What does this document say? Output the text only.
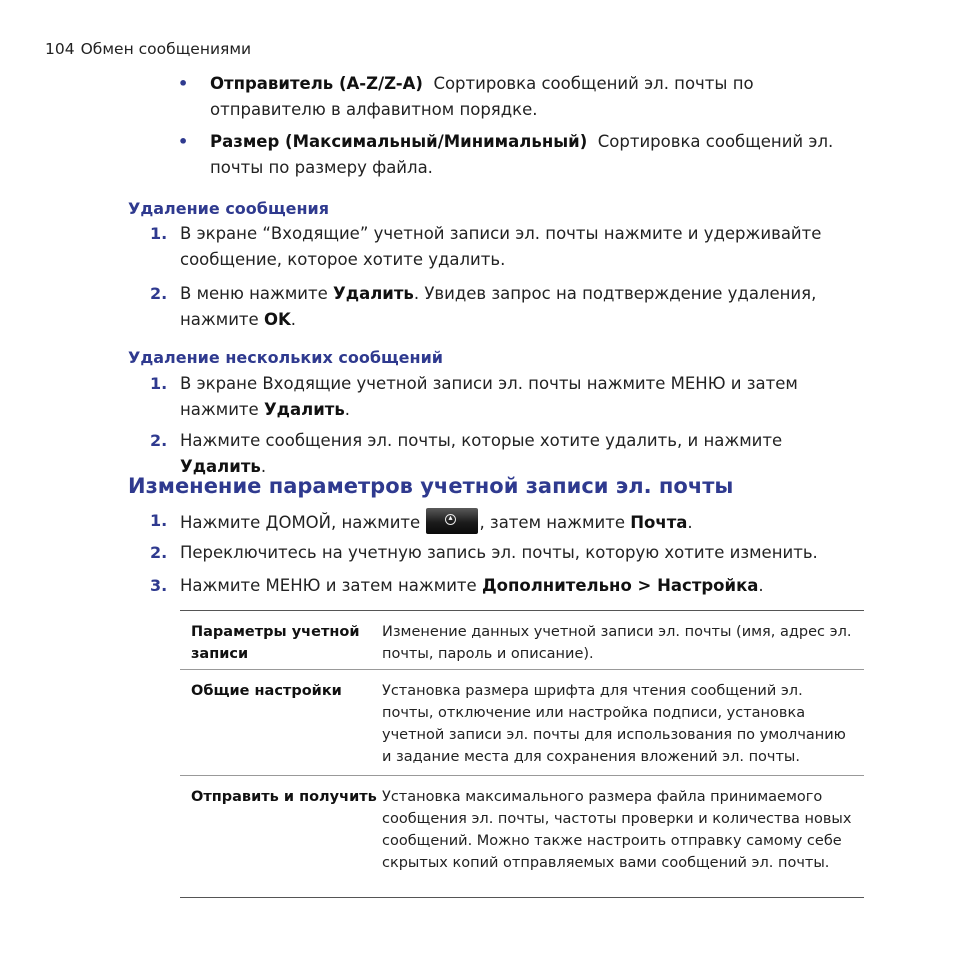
104 Обмен сообщениями
• Отправитель (A-Z/Z-A) Сортировка сообщений эл. почты по отправителю в алфавитном порядке.
• Размер (Максимальный/Минимальный) Сортировка сообщений эл. почты по размеру файла.
Удаление сообщения
1. В экране “Входящие” учетной записи эл. почты нажмите и удерживайте сообщение, которое хотите удалить.
2. В меню нажмите Удалить. Увидев запрос на подтверждение удаления, нажмите OK.
Удаление нескольких сообщений
1. В экране Входящие учетной записи эл. почты нажмите МЕНЮ и затем нажмите Удалить.
2. Нажмите сообщения эл. почты, которые хотите удалить, и нажмите Удалить.
Изменение параметров учетной записи эл. почты
1. Нажмите ДОМОЙ, нажмите	▴ , затем нажмите Почта.
2. Переключитесь на учетную запись эл. почты, которую хотите изменить.
3. Нажмите МЕНЮ и затем нажмите Дополнительно > Настройка.
Параметры учетной записи
Изменение данных учетной записи эл. почты (имя, адрес эл. почты, пароль и описание).
Общие настройки	Установка размера шрифта для чтения сообщений эл. почты, отключение или настройка подписи, установка учетной записи эл. почты для использования по умолчанию и задание места для сохранения вложений эл. почты.
Отправить и получить Установка максимального размера файла принимаемого сообщения эл. почты, частоты проверки и количества новых сообщений. Можно также настроить отправку самому себе скрытых копий отправляемых вами сообщений эл. почты.
